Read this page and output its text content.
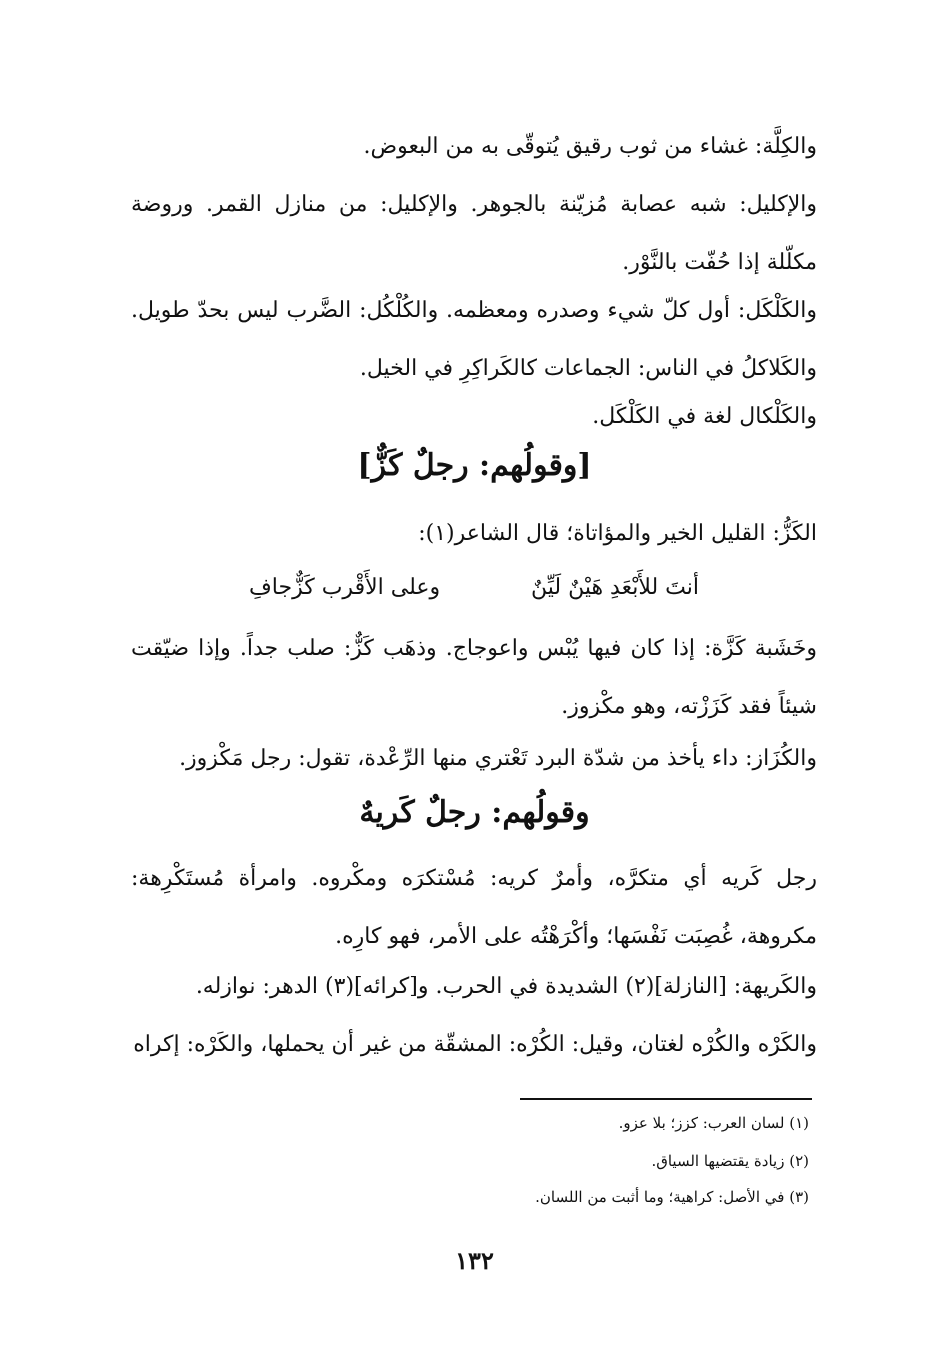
والكِلَّة: غشاء من ثوب رقيق يُتوقّى به من البعوض.
والإكليل: شبه عصابة مُزيّنة بالجوهر. والإكليل: من منازل القمر. وروضة مكلّلة إذا حُفّت بالنَّوْر.
والكَلْكَل: أول كلّ شيء وصدره ومعظمه. والكُلْكُل: الضَّرب ليس بحدّ طويل. والكَلاكلُ في الناس: الجماعات كالكَراكِرِ في الخيل.
والكَلْكال لغة في الكَلْكَل.
[وقولُهم: رجلٌ كَزٌّ]
الكَزُّ: القليل الخير والمؤاتاة؛ قال الشاعر(١):
أنتَ للأَبْعَدِ هَيْنٌ لَيِّنٌ
وعلى الأَقْرب كَزٌّجافِ
وخَشَبة كَزَّة: إذا كان فيها يُبْس واعوجاج. وذهَب كَزٌّ: صلب جداً. وإذا ضيّقت شيئاً فقد كَزَزْته، وهو مكْزوز.
والكُزَاز: داء يأخذ من شدّة البرد تَعْتري منها الرِّعْدة، تقول: رجل مَكْزوز.
وقولُهم: رجلٌ كَريهٌ
رجل كَريه أي متكرَّه، وأمرٌ كريه: مُسْتكرَه ومكْروه. وامرأة مُستَكْرِهة: مكروهة، غُصِبَت نَفْسَها؛ وأكْرَهْتُه على الأمر، فهو كارِه.
والكَريهة: [النازلة](٢) الشديدة في الحرب. و[كرائه](٣) الدهر: نوازله.
والكَرْه والكُرْه لغتان، وقيل: الكُرْه: المشقّة من غير أن يحملها، والكَرْه: إكراه
(١) لسان العرب: كزز؛ بلا عزو.
(٢) زيادة يقتضيها السياق.
(٣) في الأصل: كراهية؛ وما أثبت من اللسان.
١٣٢
